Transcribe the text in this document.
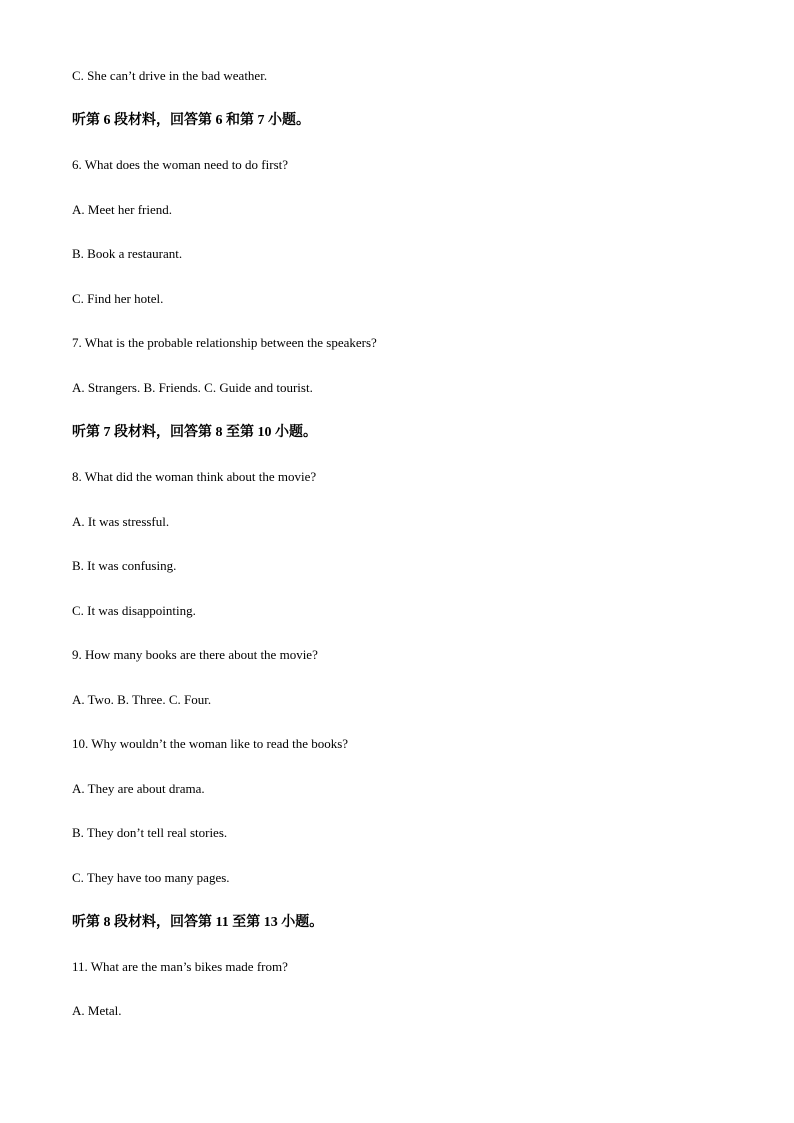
C. She can’t drive in the bad weather.
听第 6 段材料，回答第 6 和第 7 小题。
6. What does the woman need to do first?
A. Meet her friend.
B. Book a restaurant.
C. Find her hotel.
7. What is the probable relationship between the speakers?
A. Strangers. B. Friends. C. Guide and tourist.
听第 7 段材料，回答第 8 至第 10 小题。
8. What did the woman think about the movie?
A. It was stressful.
B. It was confusing.
C. It was disappointing.
9. How many books are there about the movie?
A. Two. B. Three. C. Four.
10. Why wouldn’t the woman like to read the books?
A. They are about drama.
B. They don’t tell real stories.
C. They have too many pages.
听第 8 段材料，回答第 11 至第 13 小题。
11. What are the man’s bikes made from?
A. Metal.
